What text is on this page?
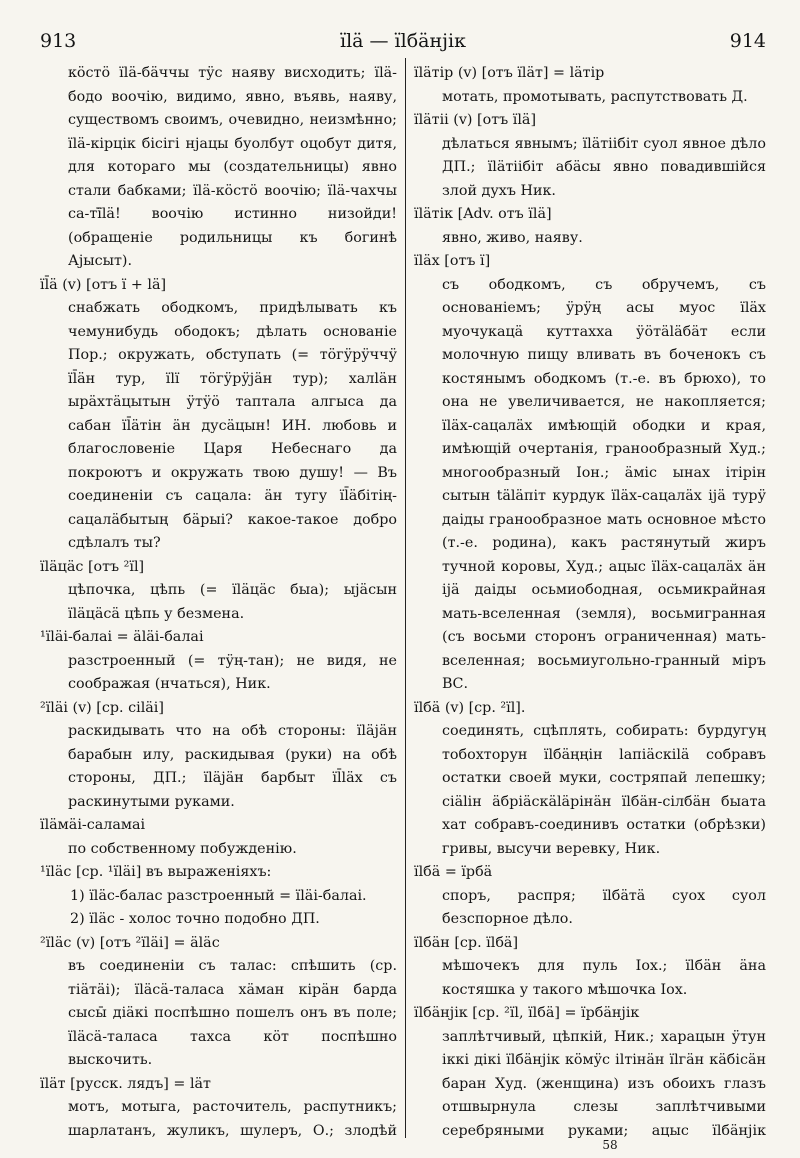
913	ïlä — ïlбäнjік	914
кöстö ïlä-бäччы тӱс наяву висходить; ïlä-бодо воочію, видимо, явно, въявь, наяву, существомъ своимъ, очевидно, неизмѣнно; ïlä-кірцік бісігі нјацы буолбут оцобут дитя, для котораго мы (создательницы) явно стали бабками; ïlä-кöстö воочію; ïlä-чахчы са-тï̄lä! воочію истинно низойди! (обращеніе родильницы къ богинѣ Аjысыт).
ïl̄ä (v) [отъ ï + lä]
снабжать ободкомъ, придѣлывать къ чемунибудь ободокъ; дѣлать основаніе Пор.; окружать, обступать (= тöгӱрӱччӱ ïl̄äн тур, ïlï тöгӱрӱjäн тур); халläн ырäхтäцытын ӱтӱö таптала алгыса да сабан ïl̄äтін äн дусäцын! ИН. любовь и благословеніе Царя Небеснаго да покроютъ и окружать твою душу! — Въ соединеніи съ сацала: äн тугу ïl̄äбітің-сацалäбытың бäрыі? какое-такое добро сдѣлалъ ты?
ïläцäс [отъ ²ïl]
цѣпочка, цѣпь (= ïläцäс быа); ыјäсын ïläцäсä цѣпь у безмена.
¹ïläі-балаі = äläі-балаі
разстроенный (= тӱң-тан); не видя, не соображая (нчаться), Ник.
²ïläі (v) [ср. сіläі]
раскидывать что на обѣ стороны: ïläjäн барабын илу, раскидывая (руки) на обѣ стороны, ДП.; ïläjäн барбыт ïl̄läх съ раскинутыми руками.
ïläмäі-саламаі
по собственному побужденію.
¹ïläс [ср. ¹ïläі] въ выраженіяхъ:
1) ïläс-балас разстроенный = ïläі-балаі.
2) ïläс - холос точно подобно ДП.
²ïläс (v) [отъ ²ïläі] = äläс
въ соединеніи съ талас: спѣшить (ср. тіäтäі); ïläсä-таласа хäман кірäн барда сысы̄ дiäкі поспѣшно пошелъ онъ въ поле; ïläсä-таласа тахса кöт поспѣшно выскочить.
ïläт [русск. лядъ] = läт
мотъ, мотыга, расточитель, распутникъ; шарлатанъ, жуликъ, шулеръ, О.; злодѣй
ïläтір (v) [отъ ïläт] = läтір
мотать, промотывать, распутствовать Д.
ïläтіі (v) [отъ ïlä]
дѣлаться явнымъ; ïläтіібіт суол явное дѣло ДП.; ïläтіібіт абäсы явно повадившійся злой духъ Ник.
ïläтік [Adv. отъ ïlä]
явно, живо, наяву.
ïläх [отъ ï]
съ ободкомъ, съ обручемъ, съ основаніемъ; ӱрӱң асы муос ïläх муочукацä куттахха ӱöтäläбäт если молочную пищу вливать въ боченокъ съ костянымъ ободкомъ (т.-е. въ брюхо), то она не увеличивается, не накопляется; ïläх-сацалäх имѣющій ободки и края, имѣющій очертанія, гранообразный Худ.; многообразный Іон.; äміс ынах ітірін сытын täläпіт курдук ïläх-сацалäх іjä турӱ даіды гранообразное мать основное мѣсто (т.-е. родина), какъ растянутый жиръ тучной коровы, Худ.; ацыс ïläх-сацалäх äн іjä даіды осьмиободная, осьмикрайная мать-вселенная (земля), восьмигранная (съ восьми сторонъ ограниченная) мать-вселенная; восьмиугольно-гранный міръ ВС.
ïlбä (v) [ср. ²ïl].
соединять, сцѣплять, собирать: бурдугуң тобохторун ïlбäңңін lапіäскіlä собравъ остатки своей муки, состряпай лепешку; сіälін äбріäскäläрінäн ïlбäн-сілбäн быата хат собравъ-соединивъ остатки (обрѣзки) гривы, высучи веревку, Ник.
ïlбä = ïрбä
споръ, распря; ïlбäтä суох суол безспорное дѣло.
ïlбäн [ср. ïlбä]
мѣшочекъ для пуль Іох.; ïlбäн äна костяшка у такого мѣшочка Іох.
ïlбäнjік [ср. ²ïl, ïlбä] = ïрбäнjік
заплѣтчивый, цѣпкій, Ник.; харацын ӱтун іккі дікі ïlбäнjік кöмӱс іlтінäн ïlгäн кäбісäн баран Худ. (женщина) изъ обоихъ глазъ отшвырнула слезы заплѣтчивыми серебряными руками; ацыс ïlбäнjік
58
